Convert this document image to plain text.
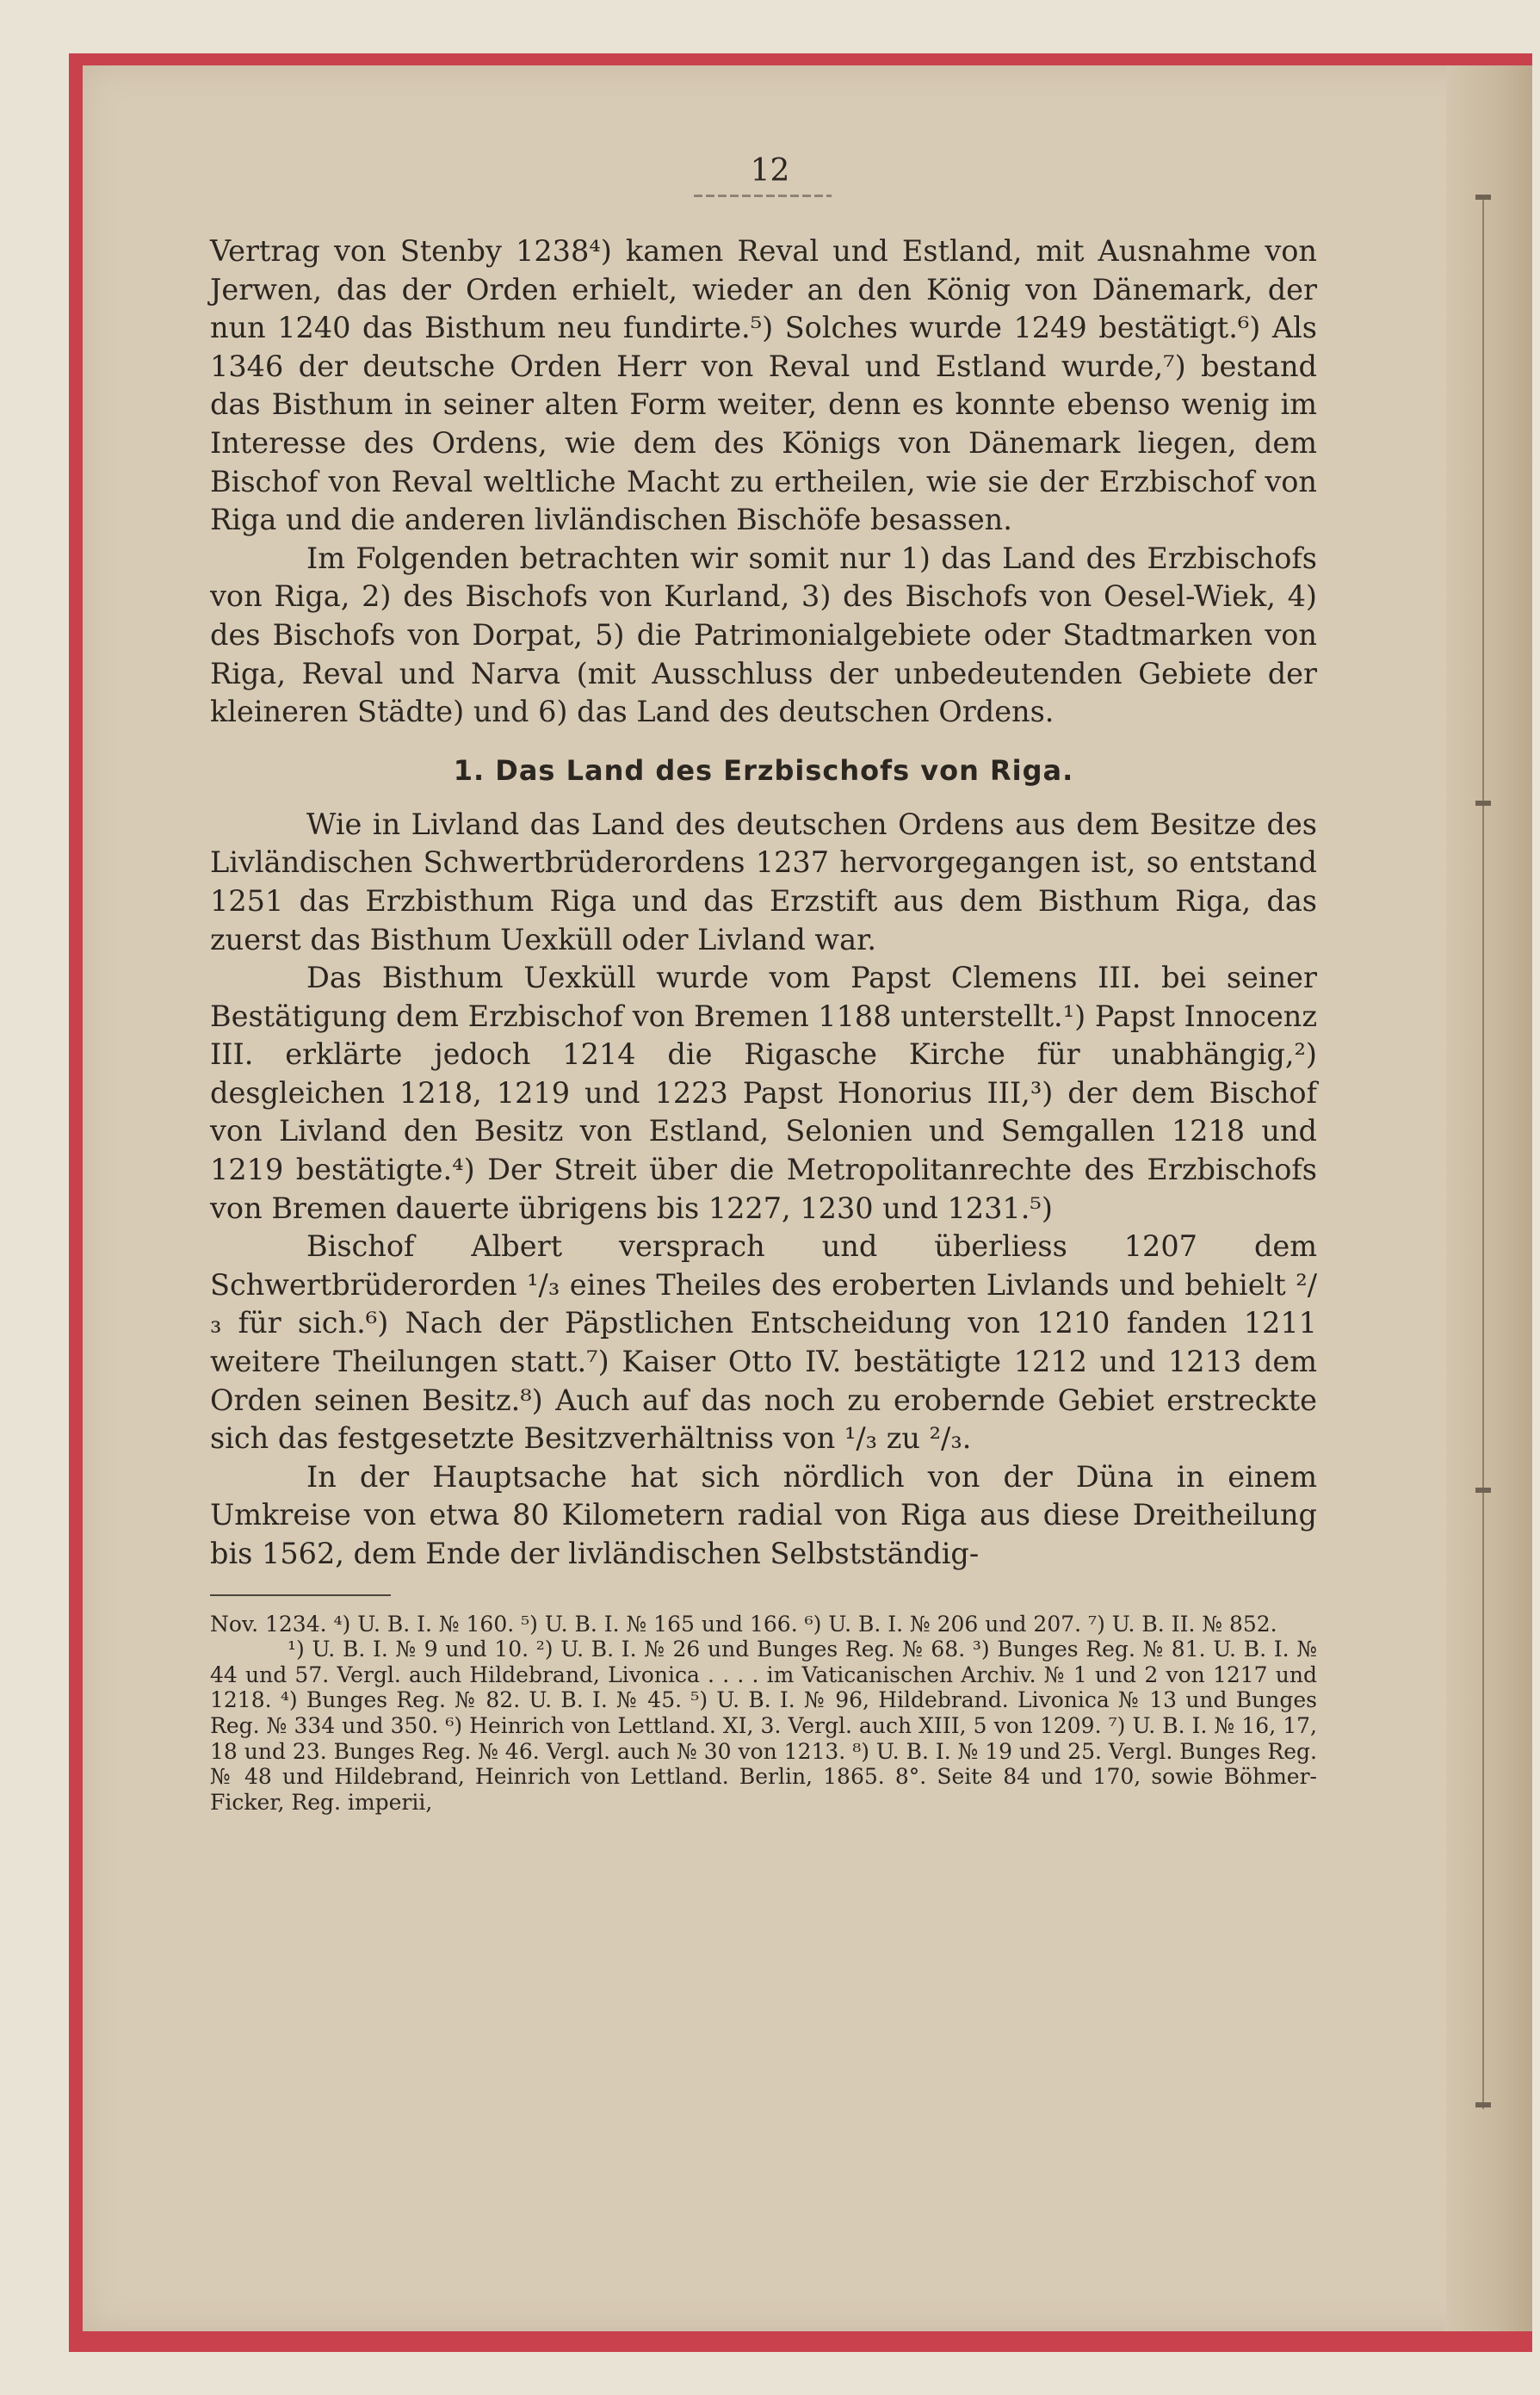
12

Vertrag von Stenby 1238⁴) kamen Reval und Estland, mit Ausnahme von Jerwen, das der Orden erhielt, wieder an den König von Dänemark, der nun 1240 das Bisthum neu fundirte.⁵) Solches wurde 1249 bestätigt.⁶) Als 1346 der deutsche Orden Herr von Reval und Estland wurde,⁷) bestand das Bisthum in seiner alten Form weiter, denn es konnte ebenso wenig im Interesse des Ordens, wie dem des Königs von Dänemark liegen, dem Bischof von Reval weltliche Macht zu ertheilen, wie sie der Erzbischof von Riga und die anderen livländischen Bischöfe besassen.

Im Folgenden betrachten wir somit nur 1) das Land des Erzbischofs von Riga, 2) des Bischofs von Kurland, 3) des Bischofs von Oesel-Wiek, 4) des Bischofs von Dorpat, 5) die Patrimonialgebiete oder Stadtmarken von Riga, Reval und Narva (mit Ausschluss der unbedeutenden Gebiete der kleineren Städte) und 6) das Land des deutschen Ordens.

1. Das Land des Erzbischofs von Riga.

Wie in Livland das Land des deutschen Ordens aus dem Besitze des Livländischen Schwertbrüderordens 1237 hervorgegangen ist, so entstand 1251 das Erzbisthum Riga und das Erzstift aus dem Bisthum Riga, das zuerst das Bisthum Uexküll oder Livland war.

Das Bisthum Uexküll wurde vom Papst Clemens III. bei seiner Bestätigung dem Erzbischof von Bremen 1188 unterstellt.¹) Papst Innocenz III. erklärte jedoch 1214 die Rigasche Kirche für unabhängig,²) desgleichen 1218, 1219 und 1223 Papst Honorius III,³) der dem Bischof von Livland den Besitz von Estland, Selonien und Semgallen 1218 und 1219 bestätigte.⁴) Der Streit über die Metropolitanrechte des Erzbischofs von Bremen dauerte übrigens bis 1227, 1230 und 1231.⁵)

Bischof Albert versprach und überliess 1207 dem Schwertbrüderorden ¹/₃ eines Theiles des eroberten Livlands und behielt ²/₃ für sich.⁶) Nach der Päpstlichen Entscheidung von 1210 fanden 1211 weitere Theilungen statt.⁷) Kaiser Otto IV. bestätigte 1212 und 1213 dem Orden seinen Besitz.⁸) Auch auf das noch zu erobernde Gebiet erstreckte sich das festgesetzte Besitzverhältniss von ¹/₃ zu ²/₃.

In der Hauptsache hat sich nördlich von der Düna in einem Umkreise von etwa 80 Kilometern radial von Riga aus diese Dreitheilung bis 1562, dem Ende der livländischen Selbstständig-

Nov. 1234. ⁴) U. B. I. № 160. ⁵) U. B. I. № 165 und 166. ⁶) U. B. I. № 206 und 207. ⁷) U. B. II. № 852.

¹) U. B. I. № 9 und 10. ²) U. B. I. № 26 und Bunges Reg. № 68. ³) Bunges Reg. № 81. U. B. I. № 44 und 57. Vergl. auch Hildebrand, Livonica . . . . im Vaticanischen Archiv. № 1 und 2 von 1217 und 1218. ⁴) Bunges Reg. № 82. U. B. I. № 45. ⁵) U. B. I. № 96, Hildebrand. Livonica № 13 und Bunges Reg. № 334 und 350. ⁶) Heinrich von Lettland. XI, 3. Vergl. auch XIII, 5 von 1209. ⁷) U. B. I. № 16, 17, 18 und 23. Bunges Reg. № 46. Vergl. auch № 30 von 1213. ⁸) U. B. I. № 19 und 25. Vergl. Bunges Reg. № 48 und Hildebrand, Heinrich von Lettland. Berlin, 1865. 8°. Seite 84 und 170, sowie Böhmer-Ficker, Reg. imperii,
